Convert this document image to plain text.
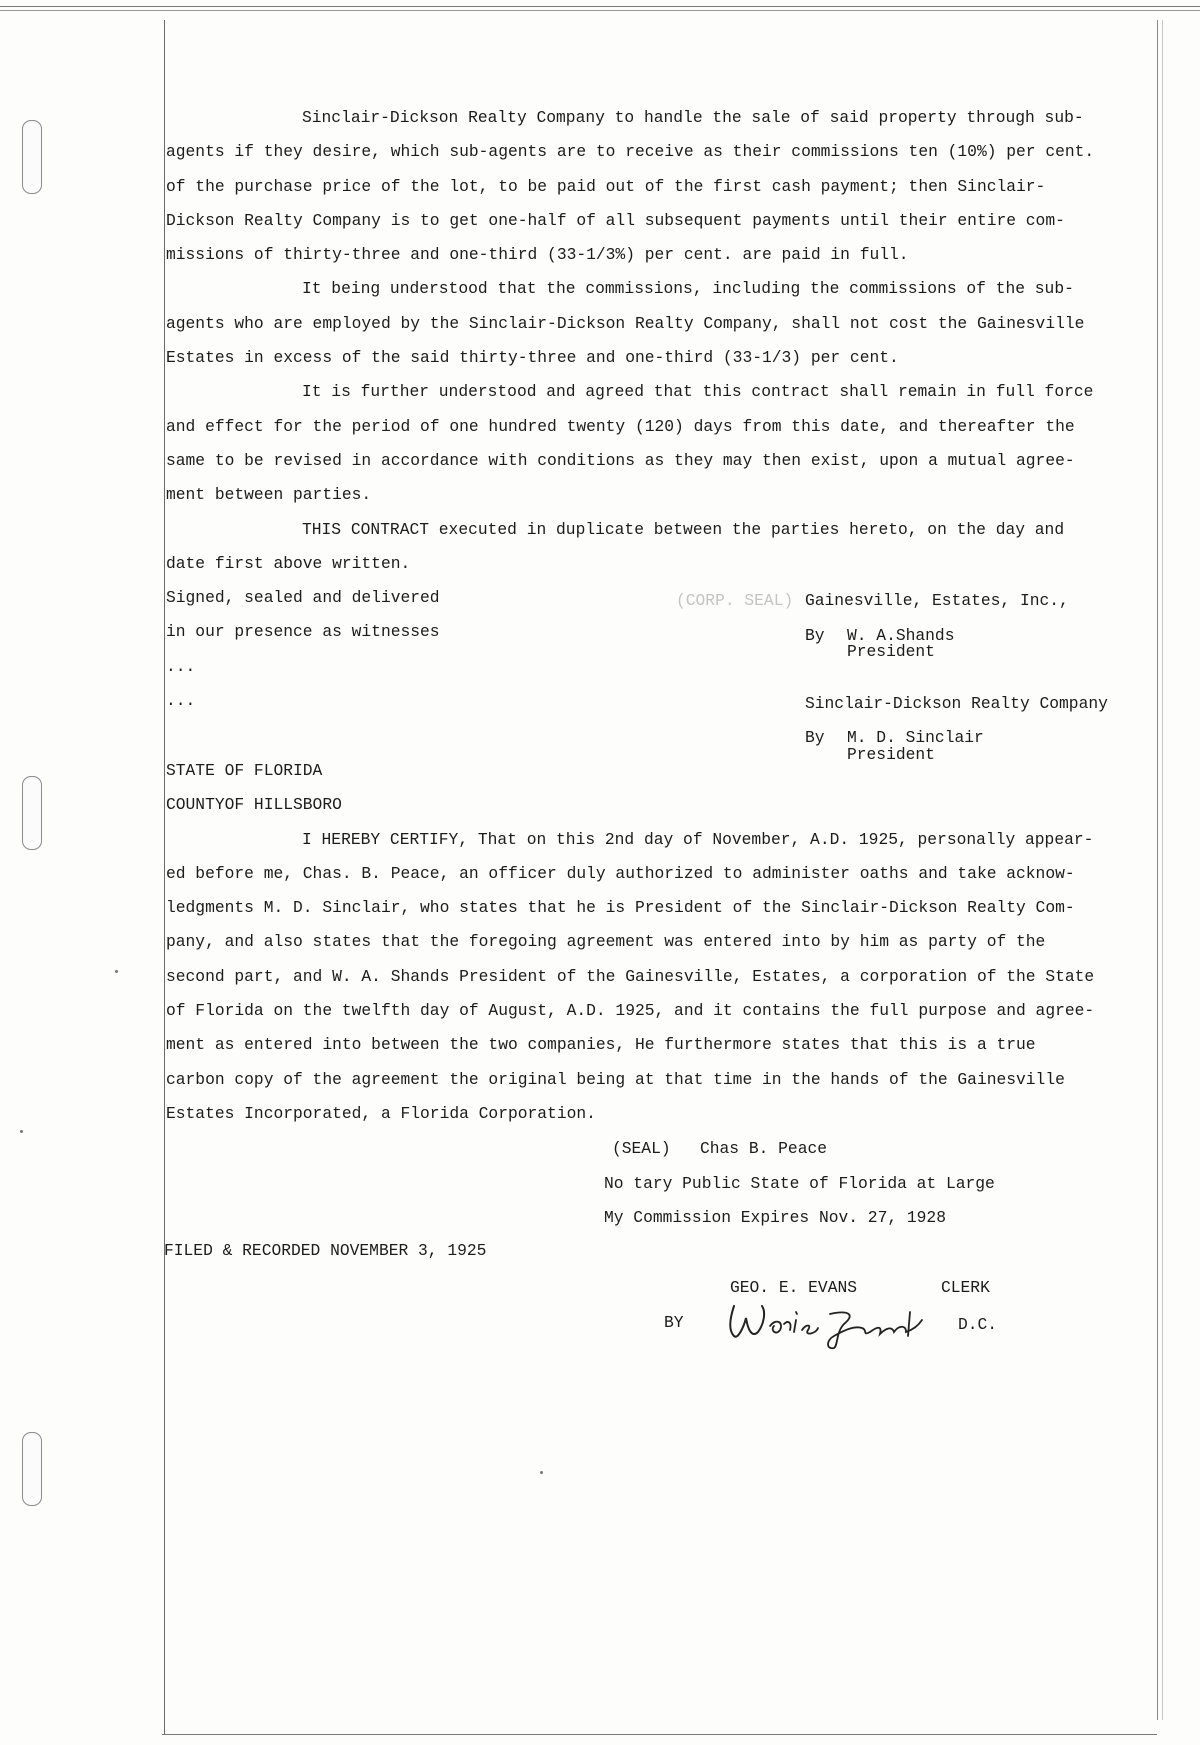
Sinclair-Dickson Realty Company to handle the sale of said property through sub-
agents if they desire, which sub-agents are to receive as their commissions ten (10%) per cent.
of the purchase price of the lot, to be paid out of the first cash payment; then Sinclair-
Dickson Realty Company is to get one-half of all subsequent payments until their entire com-
missions of thirty-three and one-third (33-1/3%) per cent. are paid in full.
It being understood that the commissions, including the commissions of the sub-
agents who are employed by the Sinclair-Dickson Realty Company, shall not cost the Gainesville
Estates in excess of the said thirty-three and one-third (33-1/3) per cent.
It is further understood and agreed that this contract shall remain in full force
and effect for the period of one hundred twenty (120) days from this date, and thereafter the
same to be revised in accordance with conditions as they may then exist, upon a mutual agree-
ment between parties.
THIS CONTRACT executed in duplicate between the parties hereto, on the day and
date first above written.
Signed, sealed and delivered
in our presence as witnesses
...
...
(CORP. SEAL) Gainesville, Estates, Inc.,
By W. A.Shands
President
Sinclair-Dickson Realty Company
By M. D. Sinclair
President
STATE OF FLORIDA
COUNTYOF HILLSBORO
I HEREBY CERTIFY, That on this 2nd day of November, A.D. 1925, personally appear-
ed before me, Chas. B. Peace, an officer duly authorized to administer oaths and take acknow-
ledgments M. D. Sinclair, who states that he is President of the Sinclair-Dickson Realty Com-
pany, and also states that the foregoing agreement was entered into by him as party of the
second part, and W. A. Shands President of the Gainesville, Estates, a corporation of the State
of Florida on the twelfth day of August, A.D. 1925, and it contains the full purpose and agree-
ment as entered into between the two companies, He furthermore states that this is a true
carbon copy of the agreement the original being at that time in the hands of the Gainesville
Estates Incorporated, a Florida Corporation.
(SEAL) Chas B. Peace
No tary Public State of Florida at Large
My Commission Expires Nov. 27, 1928
FILED & RECORDED NOVEMBER 3, 1925
GEO. E. EVANS	CLERK
BY	D.C.
